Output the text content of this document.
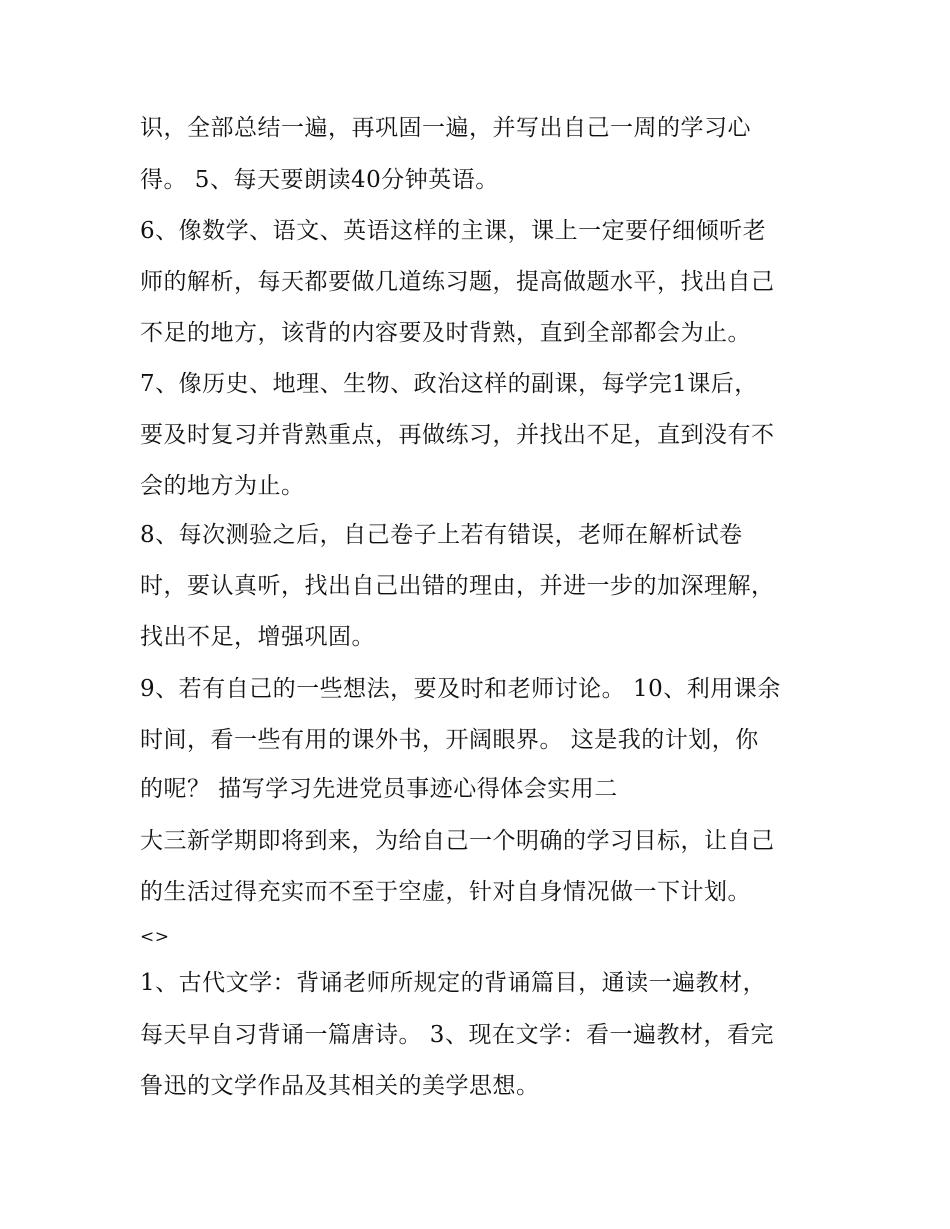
识，全部总结一遍，再巩固一遍，并写出自己一周的学习心
得。 5、每天要朗读40分钟英语。
6、像数学、语文、英语这样的主课，课上一定要仔细倾听老
师的解析，每天都要做几道练习题，提高做题水平，找出自己
不足的地方，该背的内容要及时背熟，直到全部都会为止。
7、像历史、地理、生物、政治这样的副课，每学完1课后，
要及时复习并背熟重点，再做练习，并找出不足，直到没有不
会的地方为止。
8、每次测验之后，自己卷子上若有错误，老师在解析试卷
时，要认真听，找出自己出错的理由，并进一步的加深理解，
找出不足，增强巩固。
9、若有自己的一些想法，要及时和老师讨论。 10、利用课余
时间，看一些有用的课外书，开阔眼界。 这是我的计划，你
的呢？ 描写学习先进党员事迹心得体会实用二
大三新学期即将到来，为给自己一个明确的学习目标，让自己
的生活过得充实而不至于空虚，针对自身情况做一下计划。
<>
1、古代文学：背诵老师所规定的背诵篇目，通读一遍教材，
每天早自习背诵一篇唐诗。 3、现在文学：看一遍教材，看完
鲁迅的文学作品及其相关的美学思想。
